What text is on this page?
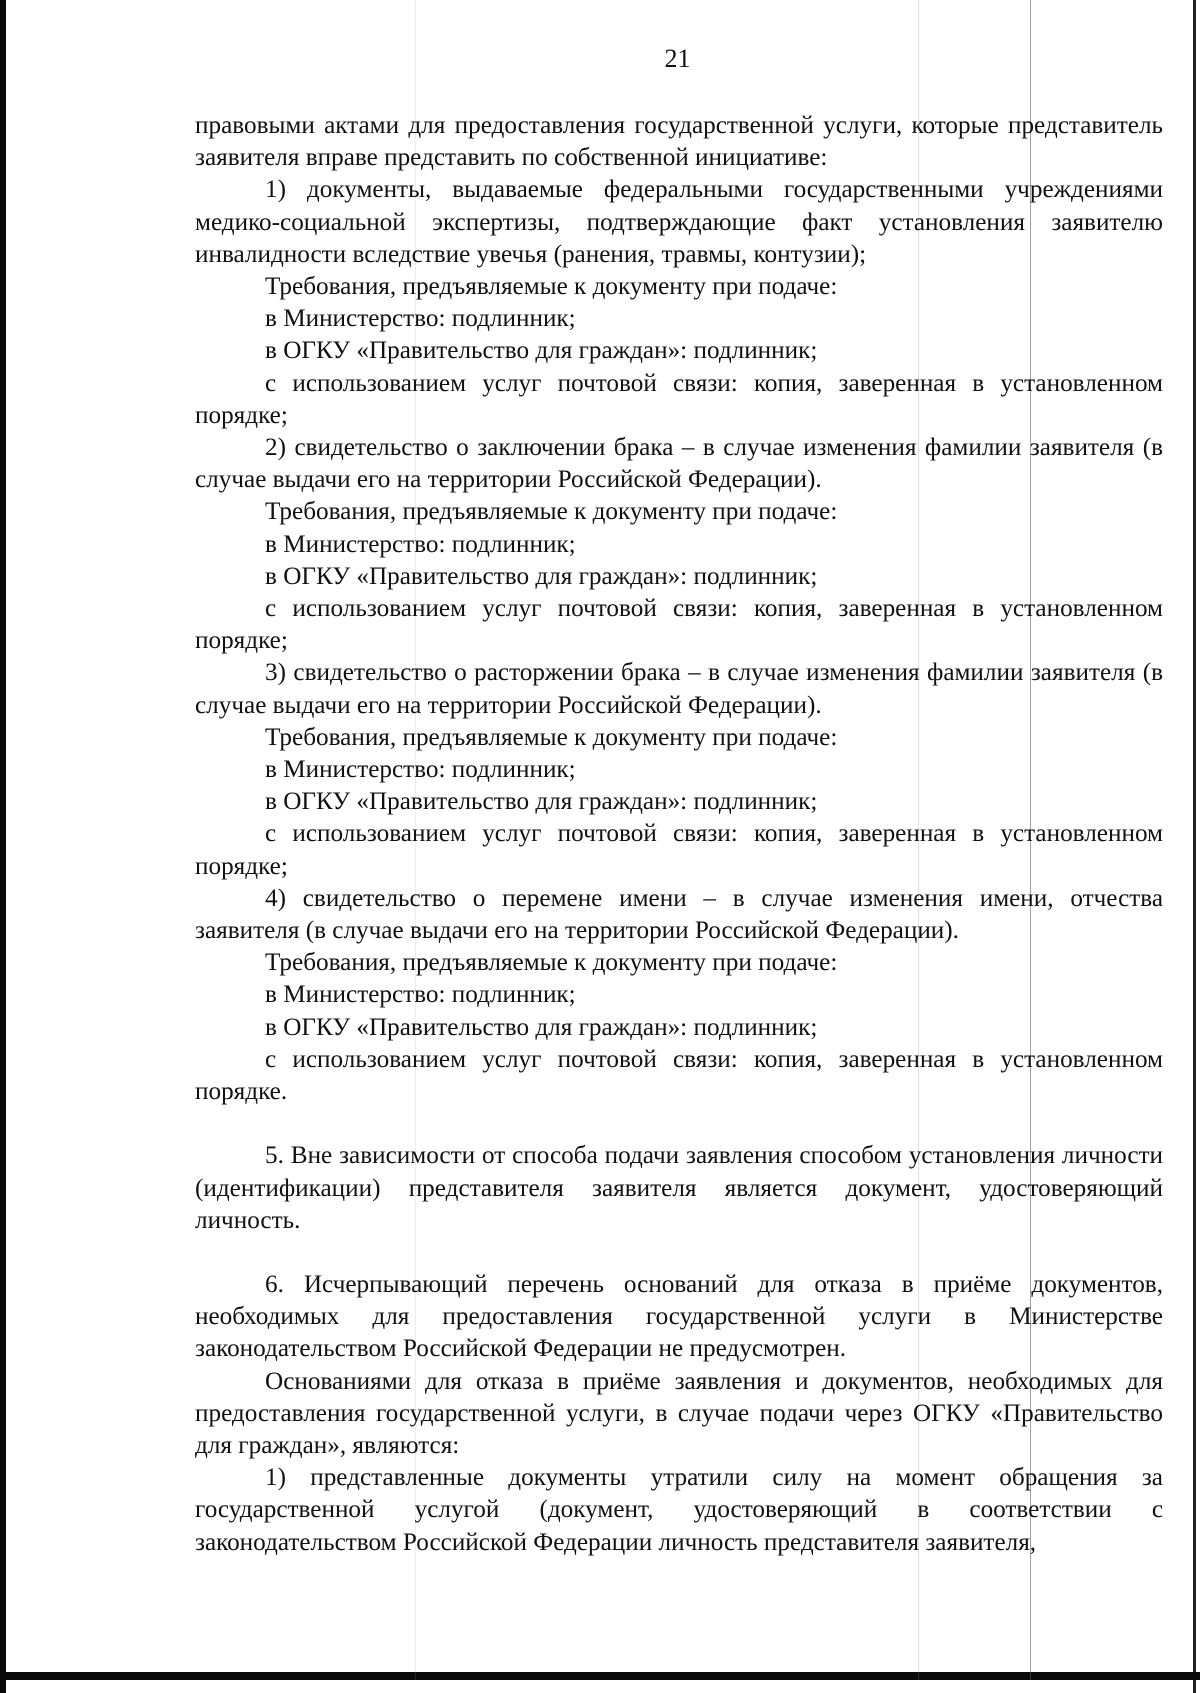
21

правовыми актами для предоставления государственной услуги, которые представитель заявителя вправе представить по собственной инициативе:

1) документы, выдаваемые федеральными государственными учреждениями медико-социальной экспертизы, подтверждающие факт установления заявителю инвалидности вследствие увечья (ранения, травмы, контузии);

Требования, предъявляемые к документу при подаче:

в Министерство: подлинник;

в ОГКУ «Правительство для граждан»: подлинник;

с использованием услуг почтовой связи: копия, заверенная в установленном порядке;

2) свидетельство о заключении брака – в случае изменения фамилии заявителя (в случае выдачи его на территории Российской Федерации).

Требования, предъявляемые к документу при подаче:

в Министерство: подлинник;

в ОГКУ «Правительство для граждан»: подлинник;

с использованием услуг почтовой связи: копия, заверенная в установленном порядке;

3) свидетельство о расторжении брака – в случае изменения фамилии заявителя (в случае выдачи его на территории Российской Федерации).

Требования, предъявляемые к документу при подаче:

в Министерство: подлинник;

в ОГКУ «Правительство для граждан»: подлинник;

с использованием услуг почтовой связи: копия, заверенная в установленном порядке;

4) свидетельство о перемене имени – в случае изменения имени, отчества заявителя (в случае выдачи его на территории Российской Федерации).

Требования, предъявляемые к документу при подаче:

в Министерство: подлинник;

в ОГКУ «Правительство для граждан»: подлинник;

с использованием услуг почтовой связи: копия, заверенная в установленном порядке.

5. Вне зависимости от способа подачи заявления способом установления личности (идентификации) представителя заявителя является документ, удостоверяющий личность.

6. Исчерпывающий перечень оснований для отказа в приёме документов, необходимых для предоставления государственной услуги в Министерстве законодательством Российской Федерации не предусмотрен.

Основаниями для отказа в приёме заявления и документов, необходимых для предоставления государственной услуги, в случае подачи через ОГКУ «Правительство для граждан», являются:

1) представленные документы утратили силу на момент обращения за государственной услугой (документ, удостоверяющий в соответствии с законодательством Российской Федерации личность представителя заявителя,
